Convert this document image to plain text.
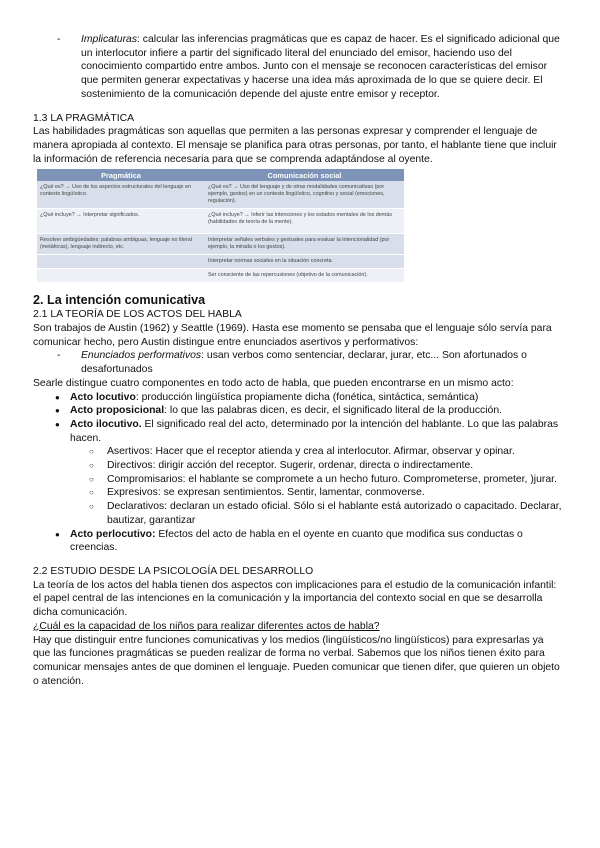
-	Implicaturas: calcular las inferencias pragmáticas que es capaz de hacer. Es el significado adicional que un interlocutor infiere a partir del significado literal del enunciado del emisor, haciendo uso del conocimiento compartido entre ambos. Junto con el mensaje se reconocen características del emisor que permiten generar expectativas y hacerse una idea más aproximada de lo que se quiere decir. El sostenimiento de la comunicación depende del ajuste entre emisor y receptor.

1.3 LA PRAGMÁTICA

Las habilidades pragmáticas son aquellas que permiten a las personas expresar y comprender el lenguaje de manera apropiada al contexto. El mensaje se planifica para otras personas, por tanto, el hablante tiene que incluir la información de referencia necesaria para que se comprenda adaptándose al oyente.

Pragmática	Comunicación social
¿Qué es? → Uso de los aspectos estructurales del lenguaje en contexto lingüístico.	¿Qué es? → Uso del lenguaje y de otras modalidades comunicativas (por ejemplo, gestos) en un contexto lingüístico, cognitivo y social (emociones, regulación).
¿Qué incluye? → Interpretar significados.	¿Qué incluye? → Inferir las intenciones y los estados mentales de los demás (habilidades de teoría de la mente).
Resolver ambigüedades: palabras ambiguas, lenguaje no literal (metáforas), lenguaje indirecto, etc.	Interpretar señales verbales y gestuales para evaluar la intencionalidad (por ejemplo, la mirada o los gestos).
	Interpretar normas sociales en la situación concreta.
	Ser consciente de las repercusiones (objetivo de la comunicación).

2. La intención comunicativa

2.1 LA TEORÍA DE LOS ACTOS DEL HABLA

Son trabajos de Austin (1962) y Seattle (1969). Hasta ese momento se pensaba que el lenguaje sólo servía para comunicar hecho, pero Austin distingue entre enunciados asertivos y performativos:

-	Enunciados performativos: usan verbos como sentenciar, declarar, jurar, etc... Son afortunados o desafortunados

Searle distingue cuatro componentes en todo acto de habla, que pueden encontrarse en un mismo acto:

● Acto locutivo: producción lingüística propiamente dicha (fonética, sintáctica, semántica)
● Acto proposicional: lo que las palabras dicen, es decir, el significado literal de la producción.
● Acto ilocutivo. El significado real del acto, determinado por la intención del hablante. Lo que las palabras hacen.
○ Asertivos: Hacer que el receptor atienda y crea al interlocutor. Afirmar, observar y opinar.
○ Directivos: dirigir acción del receptor. Sugerir, ordenar, directa o indirectamente.
○ Compromisarios: el hablante se compromete a un hecho futuro. Comprometerse, prometer, )jurar.
○ Expresivos: se expresan sentimientos. Sentir, lamentar, conmoverse.
○ Declarativos: declaran un estado oficial. Sólo si el hablante está autorizado o capacitado. Declarar, bautizar, garantizar
● Acto perlocutivo: Efectos del acto de habla en el oyente en cuanto que modifica sus conductas o creencias.

2.2 ESTUDIO DESDE LA PSICOLOGÍA DEL DESARROLLO

La teoría de los actos del habla tienen dos aspectos con implicaciones para el estudio de la comunicación infantil: el papel central de las intenciones en la comunicación y la importancia del contexto social en que se desarrolla dicha comunicación.

¿Cuál es la capacidad de los niños para realizar diferentes actos de habla?

Hay que distinguir entre funciones comunicativas y los medios (lingüísticos/no lingüísticos) para expresarlas ya que las funciones pragmáticas se pueden realizar de forma no verbal. Sabemos que los niños tienen éxito para comunicar mensajes antes de que dominen el lenguaje. Pueden comunicar que tienen difer, que quieren un objeto o atención.
